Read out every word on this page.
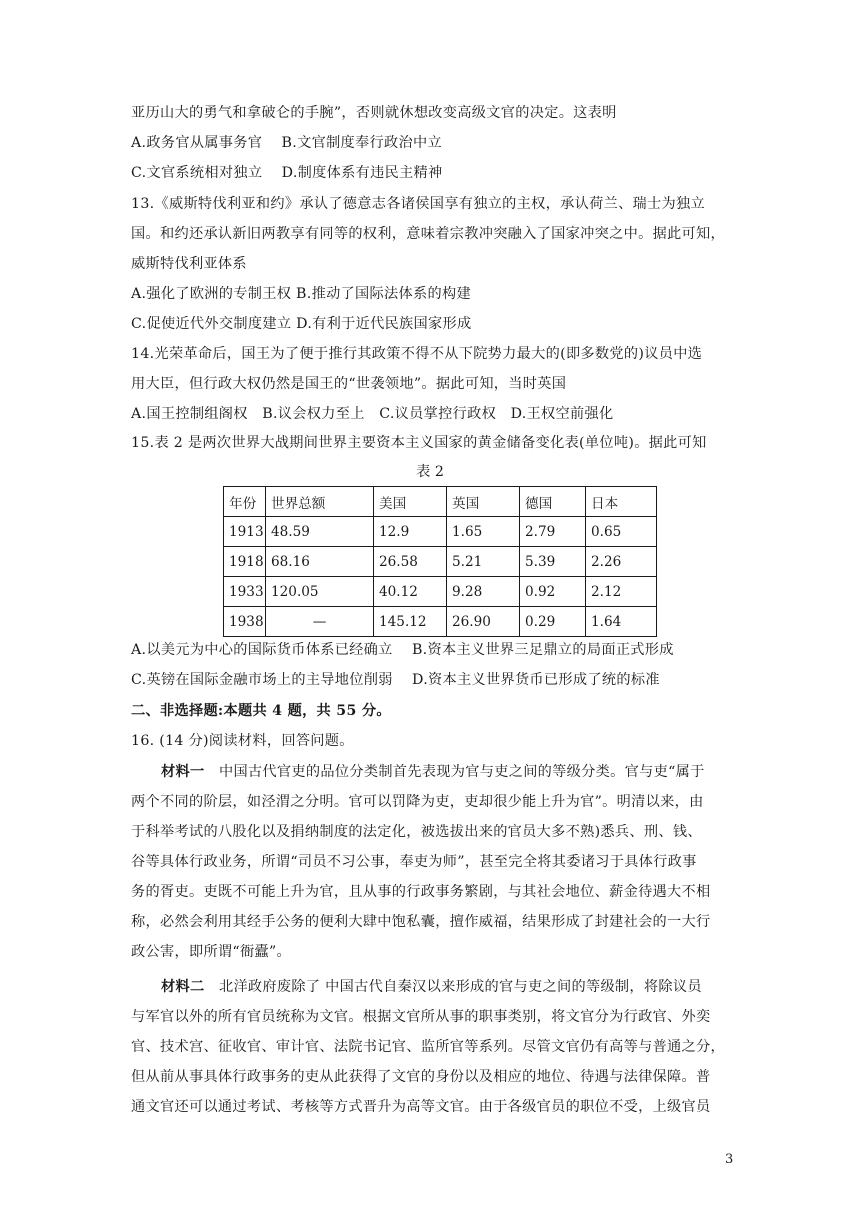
亚历山大的勇气和拿破仑的手腕”，否则就休想改变高级文官的决定。这表明
A.政务官从属事务官　 B.文官制度奉行政治中立
C.文官系统相对独立　 D.制度体系有违民主精神
13.《威斯特伐利亚和约》承认了德意志各诸侯国享有独立的主权，承认荷兰、瑞士为独立
国。和约还承认新旧两教享有同等的权利，意味着宗教冲突融入了国家冲突之中。据此可知，
威斯特伐利亚体系
A.强化了欧洲的专制王权 B.推动了国际法体系的构建
C.促使近代外交制度建立 D.有利于近代民族国家形成
14.光荣革命后，国王为了便于推行其政策不得不从下院势力最大的(即多数党的)议员中选
用大臣，但行政大权仍然是国王的“世袭领地”。据此可知，当时英国
A.国王控制组阁权　B.议会权力至上　C.议员掌控行政权　D.王权空前强化
15.表 2 是两次世界大战期间世界主要资本主义国家的黄金储备变化表(单位吨)。据此可知
表 2
年份	世界总额	美国	英国	德国	日本
1913	48.59	12.9	1.65	2.79	0.65
1918	68.16	26.58	5.21	5.39	2.26
1933	120.05	40.12	9.28	0.92	2.12
1938	—	145.12	26.90	0.29	1.64
A.以美元为中心的国际货币体系已经确立　 B.资本主义世界三足鼎立的局面正式形成
C.英镑在国际金融市场上的主导地位削弱　 D.资本主义世界货币已形成了统的标准
二、非选择题:本题共 4 题，共 55 分。
16. (14 分)阅读材料，回答问题。
材料一　中国古代官吏的品位分类制首先表现为官与吏之间的等级分类。官与吏“属于
两个不同的阶层，如泾渭之分明。官可以罚降为吏，吏却很少能上升为官”。明清以来，由
于科举考试的八股化以及捐纳制度的法定化，被选拔出来的官员大多不熟)悉兵、刑、钱、
谷等具体行政业务，所谓“司员不习公事，奉吏为师”，甚至完全将其委诸习于具体行政事
务的胥吏。吏既不可能上升为官，且从事的行政事务繁剧，与其社会地位、薪金待遇大不相
称，必然会利用其经手公务的便利大肆中饱私囊，擅作威福，结果形成了封建社会的一大行
政公害，即所谓“衙蠹”。
材料二　北洋政府废除了 中国古代自秦汉以来形成的官与吏之间的等级制，将除议员
与军官以外的所有官员统称为文官。根据文官所从事的职事类别，将文官分为行政官、外奕
官、技术宫、征收官、审计官、法院书记官、监所官等系列。尽管文官仍有高等与普通之分，
但从前从事具体行政事务的吏从此获得了文官的身份以及相应的地位、待遇与法律保障。普
通文官还可以通过考试、考核等方式晋升为高等文官。由于各级官员的职位不受，上级官员
3
